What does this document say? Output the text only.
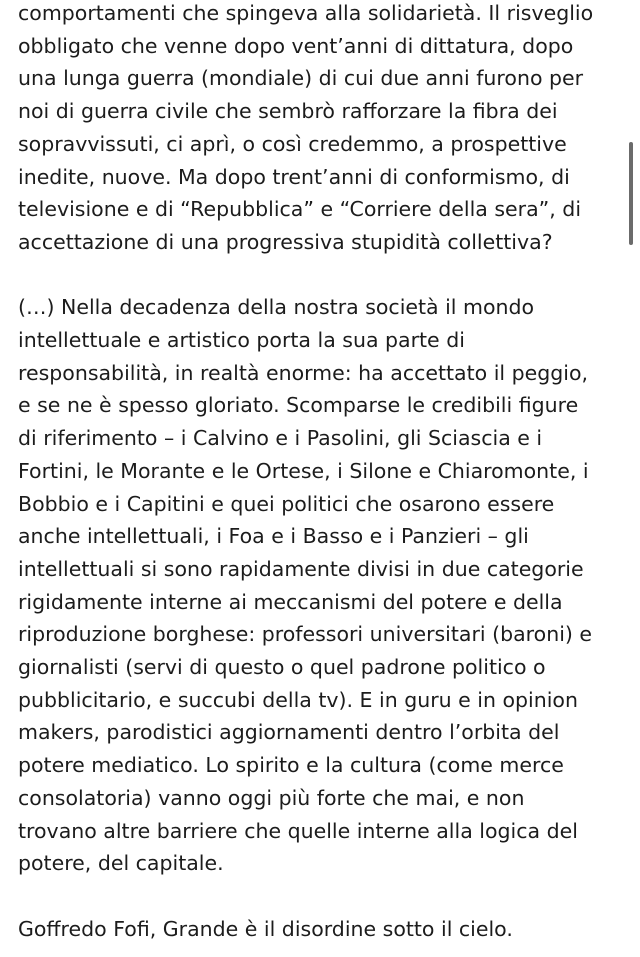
comportamenti che spingeva alla solidarietà. Il risveglio
obbligato che venne dopo vent’anni di dittatura, dopo
una lunga guerra (mondiale) di cui due anni furono per
noi di guerra civile che sembrò rafforzare la fibra dei
sopravvissuti, ci aprì, o così credemmo, a prospettive
inedite, nuove. Ma dopo trent’anni di conformismo, di
televisione e di “Repubblica” e “Corriere della sera”, di
accettazione di una progressiva stupidità collettiva?

(…) Nella decadenza della nostra società il mondo
intellettuale e artistico porta la sua parte di
responsabilità, in realtà enorme: ha accettato il peggio,
e se ne è spesso gloriato. Scomparse le credibili figure
di riferimento – i Calvino e i Pasolini, gli Sciascia e i
Fortini, le Morante e le Ortese, i Silone e Chiaromonte, i
Bobbio e i Capitini e quei politici che osarono essere
anche intellettuali, i Foa e i Basso e i Panzieri – gli
intellettuali si sono rapidamente divisi in due categorie
rigidamente interne ai meccanismi del potere e della
riproduzione borghese: professori universitari (baroni) e
giornalisti (servi di questo o quel padrone politico o
pubblicitario, e succubi della tv). E in guru e in opinion
makers, parodistici aggiornamenti dentro l’orbita del
potere mediatico. Lo spirito e la cultura (come merce
consolatoria) vanno oggi più forte che mai, e non
trovano altre barriere che quelle interne alla logica del
potere, del capitale.

Goffredo Fofi, Grande è il disordine sotto il cielo.
